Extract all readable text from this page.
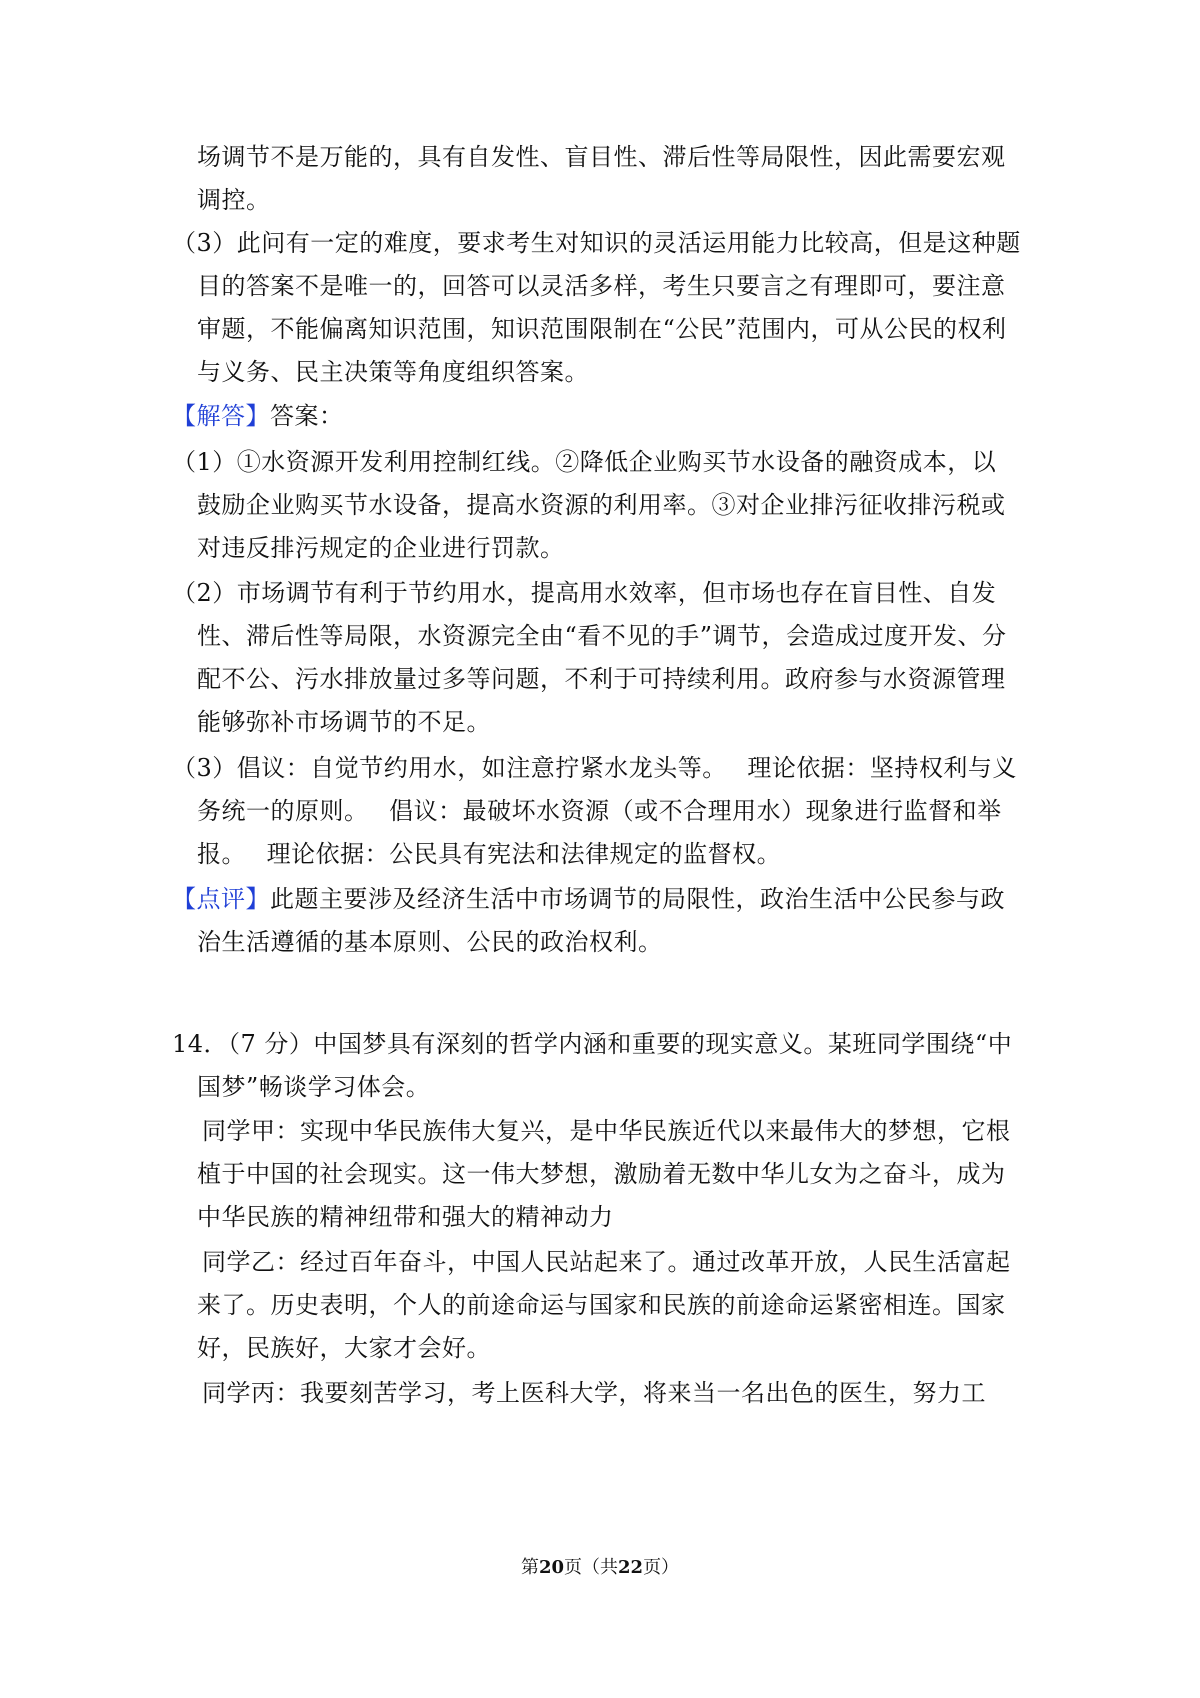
场调节不是万能的，具有自发性、盲目性、滞后性等局限性，因此需要宏观
调控。
（3）此问有一定的难度，要求考生对知识的灵活运用能力比较高，但是这种题
目的答案不是唯一的，回答可以灵活多样，考生只要言之有理即可，要注意
审题，不能偏离知识范围，知识范围限制在“公民”范围内，可从公民的权利
与义务、民主决策等角度组织答案。
【解答】答案：
（1）①水资源开发利用控制红线。②降低企业购买节水设备的融资成本，以
鼓励企业购买节水设备，提高水资源的利用率。③对企业排污征收排污税或
对违反排污规定的企业进行罚款。
（2）市场调节有利于节约用水，提高用水效率，但市场也存在盲目性、自发
性、滞后性等局限，水资源完全由“看不见的手”调节，会造成过度开发、分
配不公、污水排放量过多等问题，不利于可持续利用。政府参与水资源管理
能够弥补市场调节的不足。
（3）倡议：自觉节约用水，如注意拧紧水龙头等。　 理论依据：坚持权利与义
务统一的原则。　 倡议：最破坏水资源（或不合理用水）现象进行监督和举
报。　 理论依据：公民具有宪法和法律规定的监督权。
【点评】此题主要涉及经济生活中市场调节的局限性，政治生活中公民参与政
治生活遵循的基本原则、公民的政治权利。
14．（7 分）中国梦具有深刻的哲学内涵和重要的现实意义。某班同学围绕“中
国梦”畅谈学习体会。
同学甲：实现中华民族伟大复兴，是中华民族近代以来最伟大的梦想，它根
植于中国的社会现实。这一伟大梦想，激励着无数中华儿女为之奋斗，成为
中华民族的精神纽带和强大的精神动力
同学乙：经过百年奋斗，中国人民站起来了。通过改革开放，人民生活富起
来了。历史表明，个人的前途命运与国家和民族的前途命运紧密相连。国家
好，民族好，大家才会好。
同学丙：我要刻苦学习，考上医科大学，将来当一名出色的医生，努力工
第20页（共22页）
